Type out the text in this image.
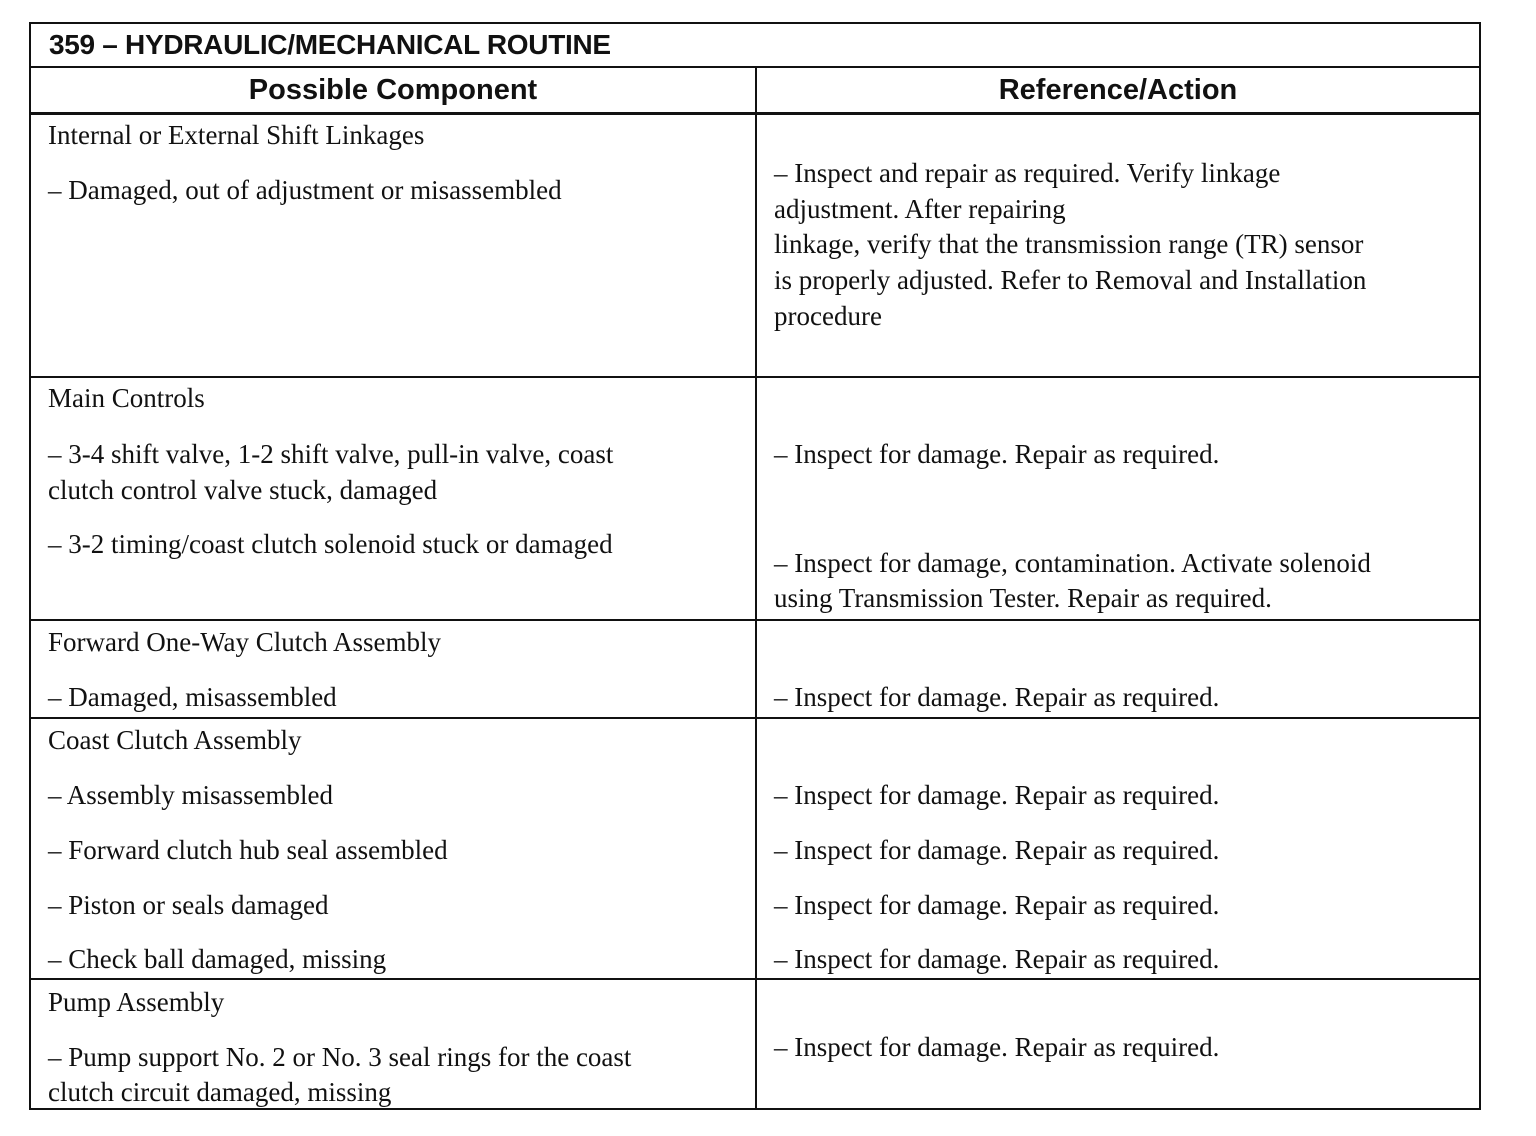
359 – HYDRAULIC/MECHANICAL ROUTINE
Possible Component	Reference/Action
Internal or External Shift Linkages
– Damaged, out of adjustment or misassembled
– Inspect and repair as required. Verify linkage
adjustment. After repairing
linkage, verify that the transmission range (TR) sensor
is properly adjusted. Refer to Removal and Installation
procedure
Main Controls
– 3-4 shift valve, 1-2 shift valve, pull-in valve, coast
clutch control valve stuck, damaged
– 3-2 timing/coast clutch solenoid stuck or damaged
– Inspect for damage. Repair as required.
– Inspect for damage, contamination. Activate solenoid
using Transmission Tester. Repair as required.
Forward One-Way Clutch Assembly
– Damaged, misassembled	– Inspect for damage. Repair as required.
Coast Clutch Assembly
– Assembly misassembled
– Forward clutch hub seal assembled
– Piston or seals damaged
– Check ball damaged, missing
– Inspect for damage. Repair as required.
– Inspect for damage. Repair as required.
– Inspect for damage. Repair as required.
– Inspect for damage. Repair as required.
Pump Assembly
– Pump support No. 2 or No. 3 seal rings for the coast
clutch circuit damaged, missing
– Inspect for damage. Repair as required.
